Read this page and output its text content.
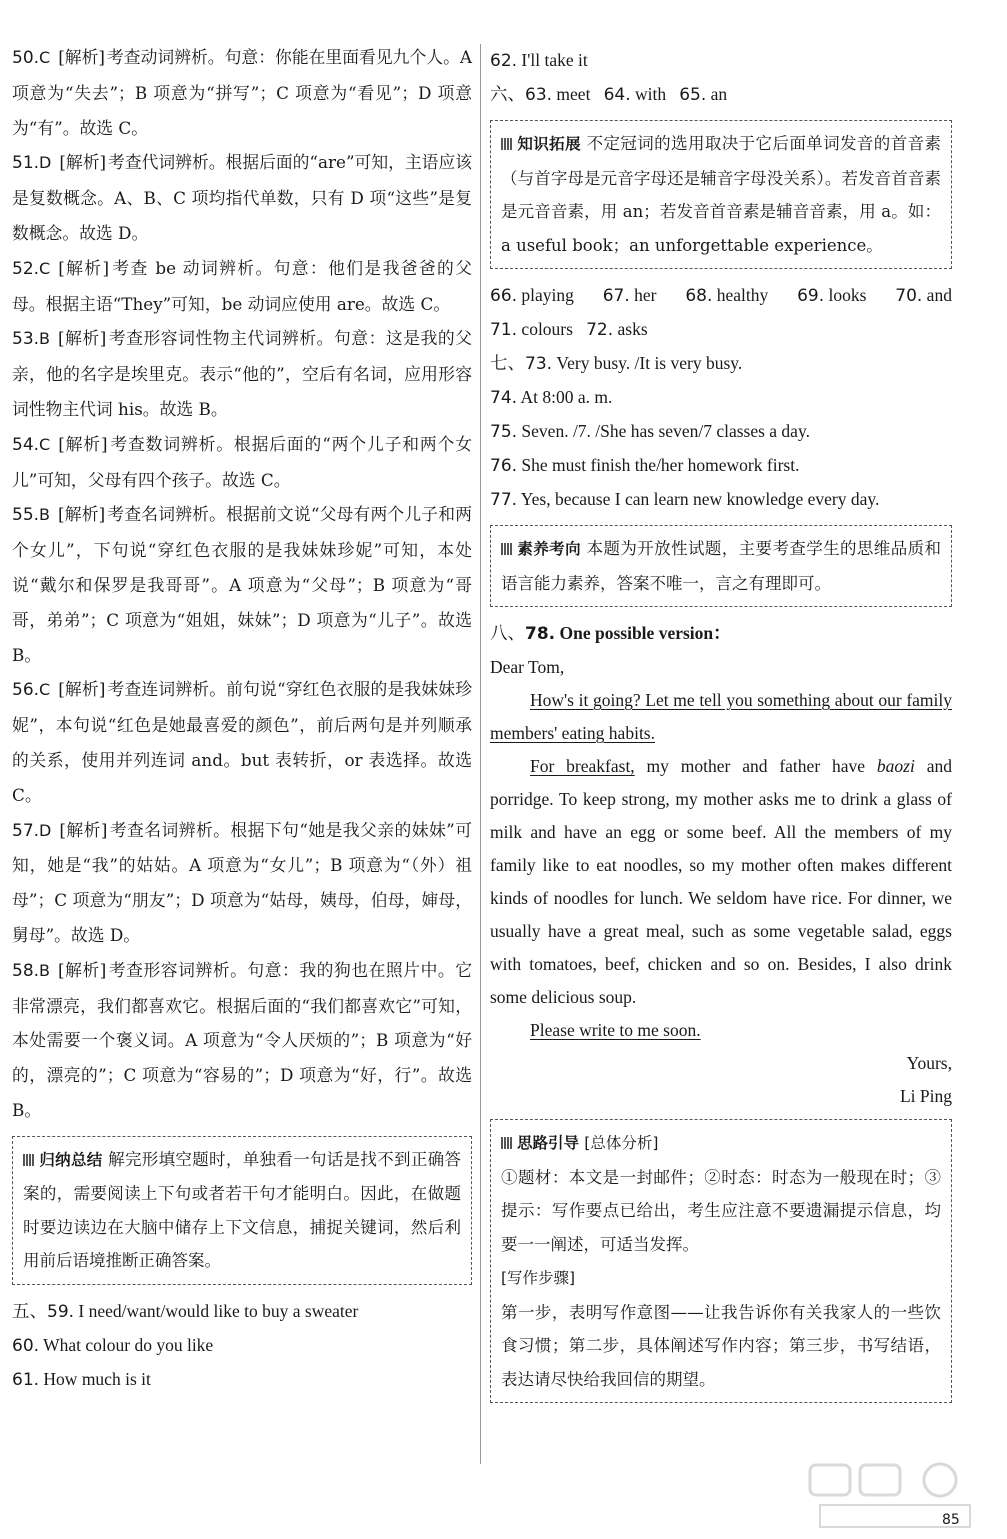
50.C [解析] 考查动词辨析。句意：你能在里面看见九个人。A 项意为“失去”；B 项意为“拼写”；C 项意为“看见”；D 项意为“有”。故选 C。

51.D [解析] 考查代词辨析。根据后面的“are”可知，主语应该是复数概念。A、B、C 项均指代单数，只有 D 项“这些”是复数概念。故选 D。

52.C [解析] 考查 be 动词辨析。句意：他们是我爸爸的父母。根据主语“They”可知，be 动词应使用 are。故选 C。

53.B [解析] 考查形容词性物主代词辨析。句意：这是我的父亲，他的名字是埃里克。表示“他的”，空后有名词，应用形容词性物主代词 his。故选 B。

54.C [解析] 考查数词辨析。根据后面的“两个儿子和两个女儿”可知，父母有四个孩子。故选 C。

55.B [解析] 考查名词辨析。根据前文说“父母有两个儿子和两个女儿”，下句说“穿红色衣服的是我妹妹珍妮”可知，本处说“戴尔和保罗是我哥哥”。A 项意为“父母”；B 项意为“哥哥，弟弟”；C 项意为“姐姐，妹妹”；D 项意为“儿子”。故选 B。

56.C [解析] 考查连词辨析。前句说“穿红色衣服的是我妹妹珍妮”，本句说“红色是她最喜爱的颜色”，前后两句是并列顺承的关系，使用并列连词 and。but 表转折，or 表选择。故选 C。

57.D [解析] 考查名词辨析。根据下句“她是我父亲的妹妹”可知，她是“我”的姑姑。A 项意为“女儿”；B 项意为“（外）祖母”；C 项意为“朋友”；D 项意为“姑母，姨母，伯母，婶母，舅母”。故选 D。

58.B [解析] 考查形容词辨析。句意：我的狗也在照片中。它非常漂亮，我们都喜欢它。根据后面的“我们都喜欢它”可知，本处需要一个褒义词。A 项意为“令人厌烦的”；B 项意为“好的，漂亮的”；C 项意为“容易的”；D 项意为“好，行”。故选 B。

归纳总结 解完形填空题时，单独看一句话是找不到正确答案的，需要阅读上下句或者若干句才能明白。因此，在做题时要边读边在大脑中储存上下文信息，捕捉关键词，然后利用前后语境推断正确答案。

五、59. I need/want/would like to buy a sweater

60. What colour do you like

61. How much is it

62. I'll take it

六、63. meet 64. with 65. an

知识拓展 不定冠词的选用取决于它后面单词发音的首音素（与首字母是元音字母还是辅音字母没关系）。若发音首音素是元音音素，用 an；若发音首音素是辅音音素，用 a。如：a useful book；an unforgettable experience。

66. playing 67. her 68. healthy 69. looks 70. and

71. colours 72. asks

七、73. Very busy. /It is very busy.

74. At 8:00 a. m.

75. Seven. /7. /She has seven/7 classes a day.

76. She must finish the/her homework first.

77. Yes, because I can learn new knowledge every day.

素养考向 本题为开放性试题，主要考查学生的思维品质和语言能力素养，答案不唯一，言之有理即可。

八、78. One possible version：

Dear Tom,

How's it going? Let me tell you something about our family members' eating habits.

For breakfast, my mother and father have baozi and porridge. To keep strong, my mother asks me to drink a glass of milk and have an egg or some beef. All the members of my family like to eat noodles, so my mother often makes different kinds of noodles for lunch. We seldom have rice. For dinner, we usually have a great meal, such as some vegetable salad, eggs with tomatoes, beef, chicken and so on. Besides, I also drink some delicious soup.

Please write to me soon.

Yours,

Li Ping

思路引导 [总体分析]

①题材：本文是一封邮件；②时态：时态为一般现在时；③提示：写作要点已给出，考生应注意不要遗漏提示信息，均要一一阐述，可适当发挥。

[写作步骤]

第一步，表明写作意图——让我告诉你有关我家人的一些饮食习惯；第二步，具体阐述写作内容；第三步，书写结语，表达请尽快给我回信的期望。

85
